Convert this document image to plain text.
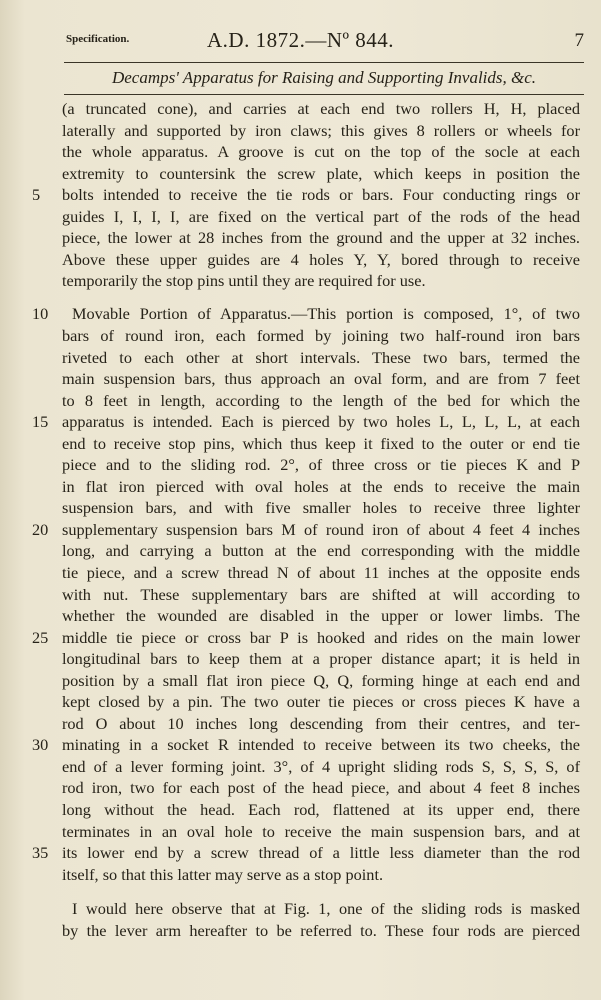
Specification.	A.D. 1872.—Nº 844.	7
Decamps' Apparatus for Raising and Supporting Invalids, &c.
(a truncated cone), and carries at each end two rollers H, H, placed
laterally and supported by iron claws; this gives 8 rollers or wheels for
the whole apparatus. A groove is cut on the top of the socle at each
extremity to countersink the screw plate, which keeps in position the
5	bolts intended to receive the tie rods or bars. Four conducting rings or
guides I, I, I, I, are fixed on the vertical part of the rods of the head
piece, the lower at 28 inches from the ground and the upper at 32 inches.
Above these upper guides are 4 holes Y, Y, bored through to receive
temporarily the stop pins until they are required for use.
10	Movable Portion of Apparatus.—This portion is composed, 1°, of two
bars of round iron, each formed by joining two half-round iron bars
riveted to each other at short intervals. These two bars, termed the
main suspension bars, thus approach an oval form, and are from 7 feet
to 8 feet in length, according to the length of the bed for which the
15 apparatus is intended. Each is pierced by two holes L, L, L, L, at each
end to receive stop pins, which thus keep it fixed to the outer or end tie
piece and to the sliding rod. 2°, of three cross or tie pieces K and P
in flat iron pierced with oval holes at the ends to receive the main
suspension bars, and with five smaller holes to receive three lighter
20 supplementary suspension bars M of round iron of about 4 feet 4 inches
long, and carrying a button at the end corresponding with the middle
tie piece, and a screw thread N of about 11 inches at the opposite ends
with nut. These supplementary bars are shifted at will according to
whether the wounded are disabled in the upper or lower limbs. The
25 middle tie piece or cross bar P is hooked and rides on the main lower
longitudinal bars to keep them at a proper distance apart; it is held in
position by a small flat iron piece Q, Q, forming hinge at each end and
kept closed by a pin. The two outer tie pieces or cross pieces K have a
rod O about 10 inches long descending from their centres, and ter-
30 minating in a socket R intended to receive between its two cheeks, the
end of a lever forming joint. 3°, of 4 upright sliding rods S, S, S, S, of
rod iron, two for each post of the head piece, and about 4 feet 8 inches
long without the head. Each rod, flattened at its upper end, there
terminates in an oval hole to receive the main suspension bars, and at
35 its lower end by a screw thread of a little less diameter than the rod
itself, so that this latter may serve as a stop point.
I would here observe that at Fig. 1, one of the sliding rods is masked
by the lever arm hereafter to be referred to. These four rods are pierced
